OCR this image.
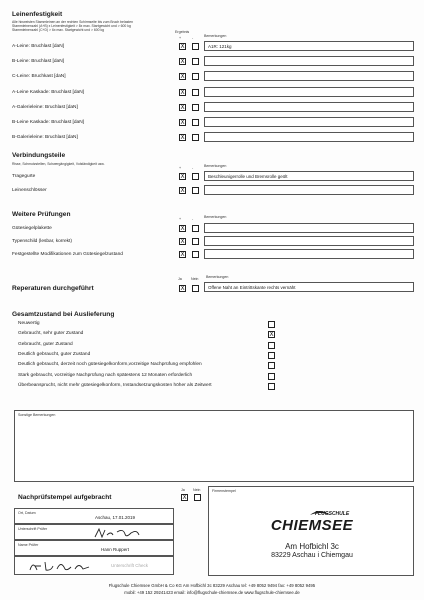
Leinenfestigkeit
Alle hinweisten Stammleinen an der rechten Schirmseite bis zum Bruch belasten
Stammleinenzahl (A+B) x Leinenfestigkeit > 8x max. Startgewicht und > 600 kg
Stammleinenzahl (C+D) > 6x max. Startgewicht und > 600 kg	Ergebnis
+	-	Bemerkungen
A-Leine: Bruchlast [daN]	X	A1R: 121kg
B-Leine: Bruchlast [daN]	X
C-Leine: Bruchkast [daN]	X
A-Leine Kaskade: Bruchlast [daN]	X
A-Galerieleine: Bruchlast [daN]	X
B-Leine Kaskade: Bruchlast [daN]	X
B-Galerieleine: Bruchlast [daN]	X
Verbindungsteile
Risse, Schmutzstellen, Schwergängigkeit, Volständigkeit usw.
+	-	Bemerkungen
Tragegurte	X	Beschleunigerrolle und Bremsrolle geölt
Leinenschlösser	X
Weitere Prüfungen
+	-	Bemerkungen
Gütesiegelplakette	X
Typenschild (lesbar, korrekt)	X
Festgestellte Modifikationen zum Gütesiegelzustand	X
Reperaturen durchgeführt
Ja	Nein Bemerkungen
X	Offene Naht an Eintrittskante rechts vernäht
Gesamtzustand bei Auslieferung
Neuwertig
Gebraucht, sehr guter Zustand	X
Gebraucht, guter Zustand
Deutlich gebraucht, guter Zustand
Deutlich gebraucht, derzeit noch gütesiegelkonform,vorzeitige Nachprüfung empfohlen
Stark gebraucht, vorzeitige Nachprüfung nach spätestens 12 Monaten erforderlich
Überbeansprucht, nicht mehr gütesiegelkonform, Instandsetzungskosten höher als Zeitwert
Sonstige Bemerkungen
Nachprüfstempel aufgebracht
Ja Nein
X
Ort, Datum
Aschau, 17.01.2019
Unterschrift Prüfer
Name Prüfer
Hann Ruppert
Unterschrift Check
Firmenstempel
FLUGSCHULE
CHIEMSEE
Am Hofbichl 3c
83229 Aschau i Chiemgau
Flugschule Chiemsee GmbH & Co KG Am Hofbichl 3c 83229 Aschau tel: +49 8052 9494 fax: +49 8052 9495
mobil: +49 152 29241423 email: info@flugschule-chiemsee.de www.flugschule-chiemsee.de
